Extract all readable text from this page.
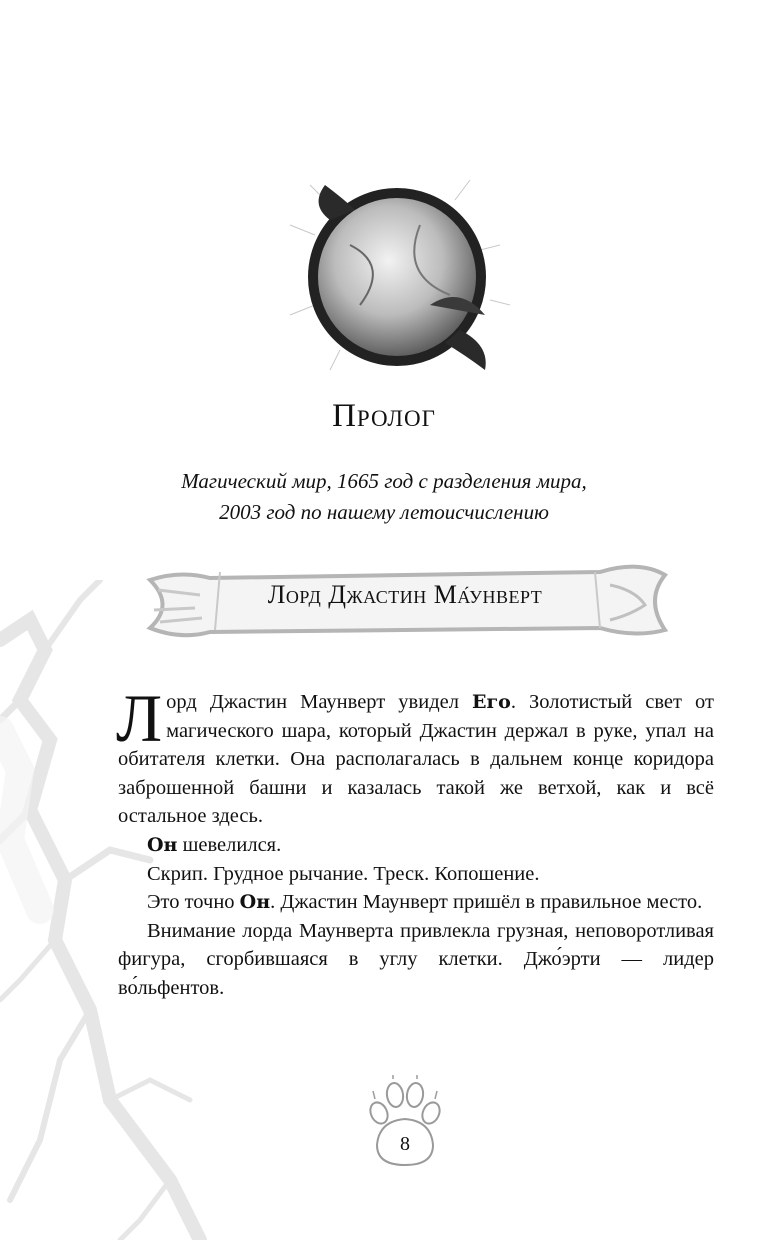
Пролог
Магический мир, 1665 год с разделения мира,
2003 год по нашему летоисчислению
Лорд Джастин Ма́унверт

Лорд Джастин Маунверт увидел Его. Золотистый свет от магического шара, который Джастин держал в руке, упал на обитателя клетки. Она располагалась в дальнем конце коридора заброшенной башни и казалась такой же ветхой, как и всё остальное здесь.

Он шевелился.

Скрип. Грудное рычание. Треск. Копошение.

Это точно Он. Джастин Маунверт пришёл в правильное место.

Внимание лорда Маунверта привлекла грузная, неповоротливая фигура, сгорбившаяся в углу клетки. Джо́эрти — лидер во́льфентов.

8
